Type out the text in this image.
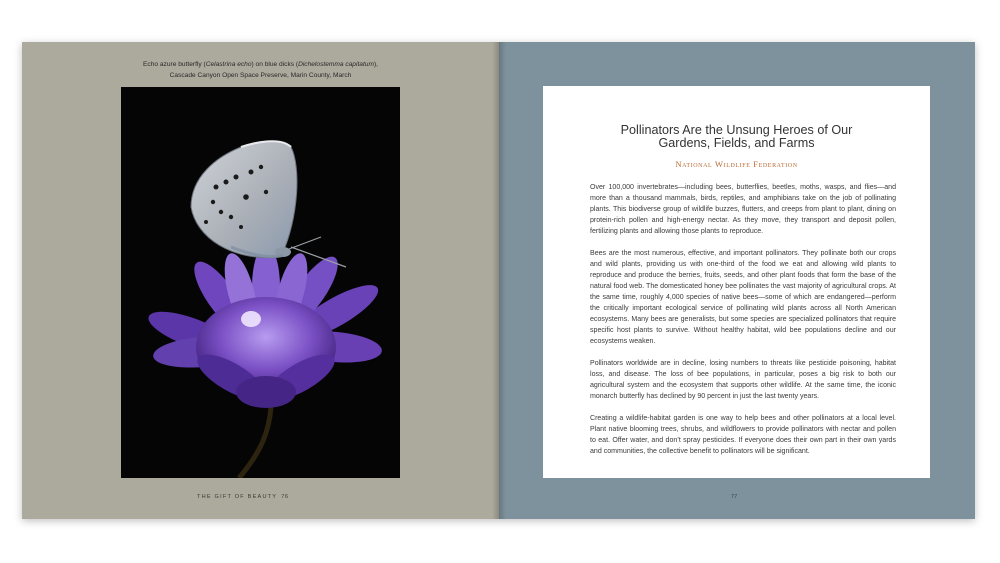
Echo azure butterfly (Celastrina echo) on blue dicks (Dichelostemma capitatum),
Cascade Canyon Open Space Preserve, Marin County, March
THE GIFT OF BEAUTY 76
Pollinators Are the Unsung Heroes of Our
Gardens, Fields, and Farms
National Wildlife Federation

Over 100,000 invertebrates—including bees, butterflies, beetles, moths, wasps, and flies—and more than a thousand mammals, birds, reptiles, and amphibians take on the job of pollinating plants. This biodiverse group of wildlife buzzes, flutters, and creeps from plant to plant, dining on protein-rich pollen and high-energy nectar. As they move, they transport and deposit pollen, fertilizing plants and allowing those plants to reproduce.

Bees are the most numerous, effective, and important pollinators. They pollinate both our crops and wild plants, providing us with one-third of the food we eat and allowing wild plants to reproduce and produce the berries, fruits, seeds, and other plant foods that form the base of the natural food web. The domesticated honey bee pollinates the vast majority of agricultural crops. At the same time, roughly 4,000 species of native bees—some of which are endangered—perform the critically important ecological service of pollinating wild plants across all North American ecosystems. Many bees are generalists, but some species are specialized pollinators that require specific host plants to survive. Without healthy habitat, wild bee populations decline and our ecosystems weaken.

Pollinators worldwide are in decline, losing numbers to threats like pesticide poisoning, habitat loss, and disease. The loss of bee populations, in particular, poses a big risk to both our agricultural system and the ecosystem that supports other wildlife. At the same time, the iconic monarch butterfly has declined by 90 percent in just the last twenty years.

Creating a wildlife-habitat garden is one way to help bees and other pollinators at a local level. Plant native blooming trees, shrubs, and wildflowers to provide pollinators with nectar and pollen to eat. Offer water, and don’t spray pesticides. If everyone does their own part in their own yards and communities, the collective benefit to pollinators will be significant.

77
